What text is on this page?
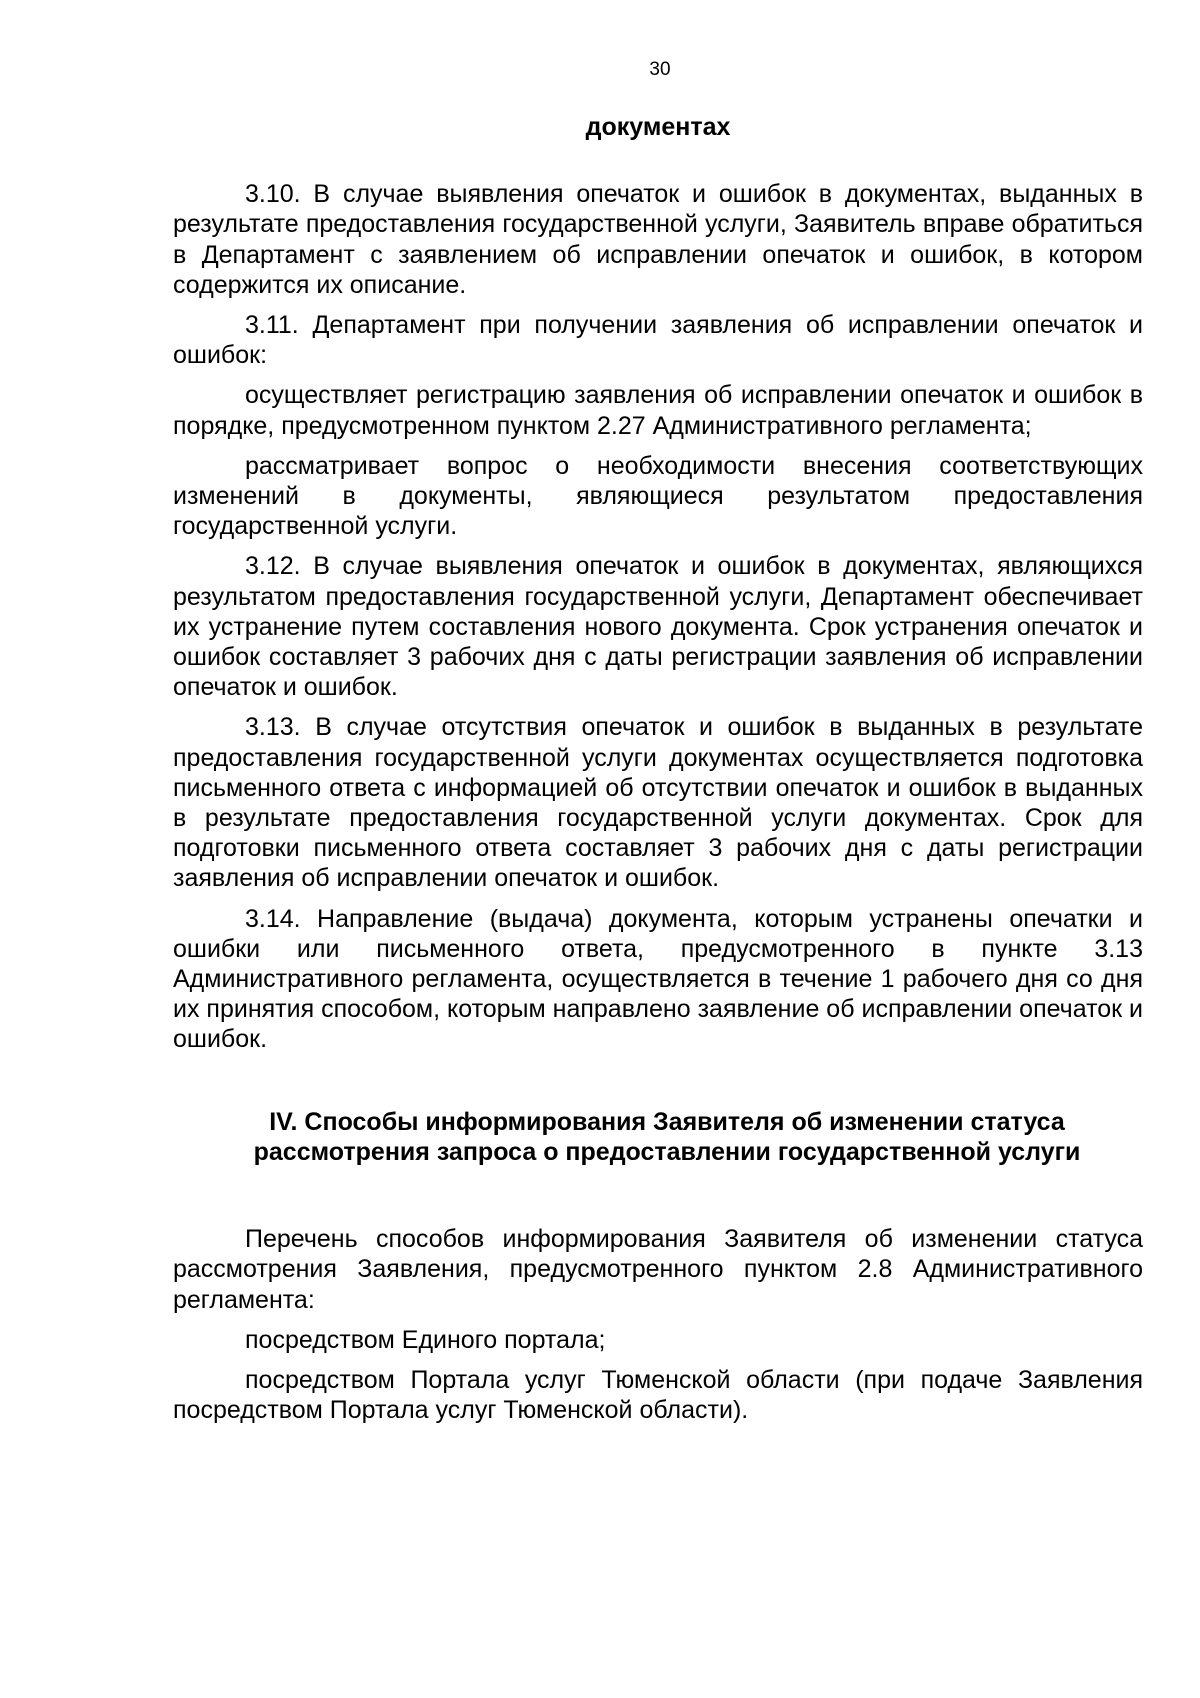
30
документах

3.10. В случае выявления опечаток и ошибок в документах, выданных в результате предоставления государственной услуги, Заявитель вправе обратиться в Департамент с заявлением об исправлении опечаток и ошибок, в котором содержится их описание.

3.11. Департамент при получении заявления об исправлении опечаток и ошибок:

осуществляет регистрацию заявления об исправлении опечаток и ошибок в порядке, предусмотренном пунктом 2.27 Административного регламента;

рассматривает вопрос о необходимости внесения соответствующих изменений в документы, являющиеся результатом предоставления государственной услуги.

3.12. В случае выявления опечаток и ошибок в документах, являющихся результатом предоставления государственной услуги, Департамент обеспечивает их устранение путем составления нового документа. Срок устранения опечаток и ошибок составляет 3 рабочих дня с даты регистрации заявления об исправлении опечаток и ошибок.

3.13. В случае отсутствия опечаток и ошибок в выданных в результате предоставления государственной услуги документах осуществляется подготовка письменного ответа с информацией об отсутствии опечаток и ошибок в выданных в результате предоставления государственной услуги документах. Срок для подготовки письменного ответа составляет 3 рабочих дня с даты регистрации заявления об исправлении опечаток и ошибок.

3.14. Направление (выдача) документа, которым устранены опечатки и ошибки или письменного ответа, предусмотренного в пункте 3.13 Административного регламента, осуществляется в течение 1 рабочего дня со дня их принятия способом, которым направлено заявление об исправлении опечаток и ошибок.

IV. Способы информирования Заявителя об изменении статуса
рассмотрения запроса о предоставлении государственной услуги

Перечень способов информирования Заявителя об изменении статуса рассмотрения Заявления, предусмотренного пунктом 2.8 Административного регламента:

посредством Единого портала;

посредством Портала услуг Тюменской области (при подаче Заявления посредством Портала услуг Тюменской области).
